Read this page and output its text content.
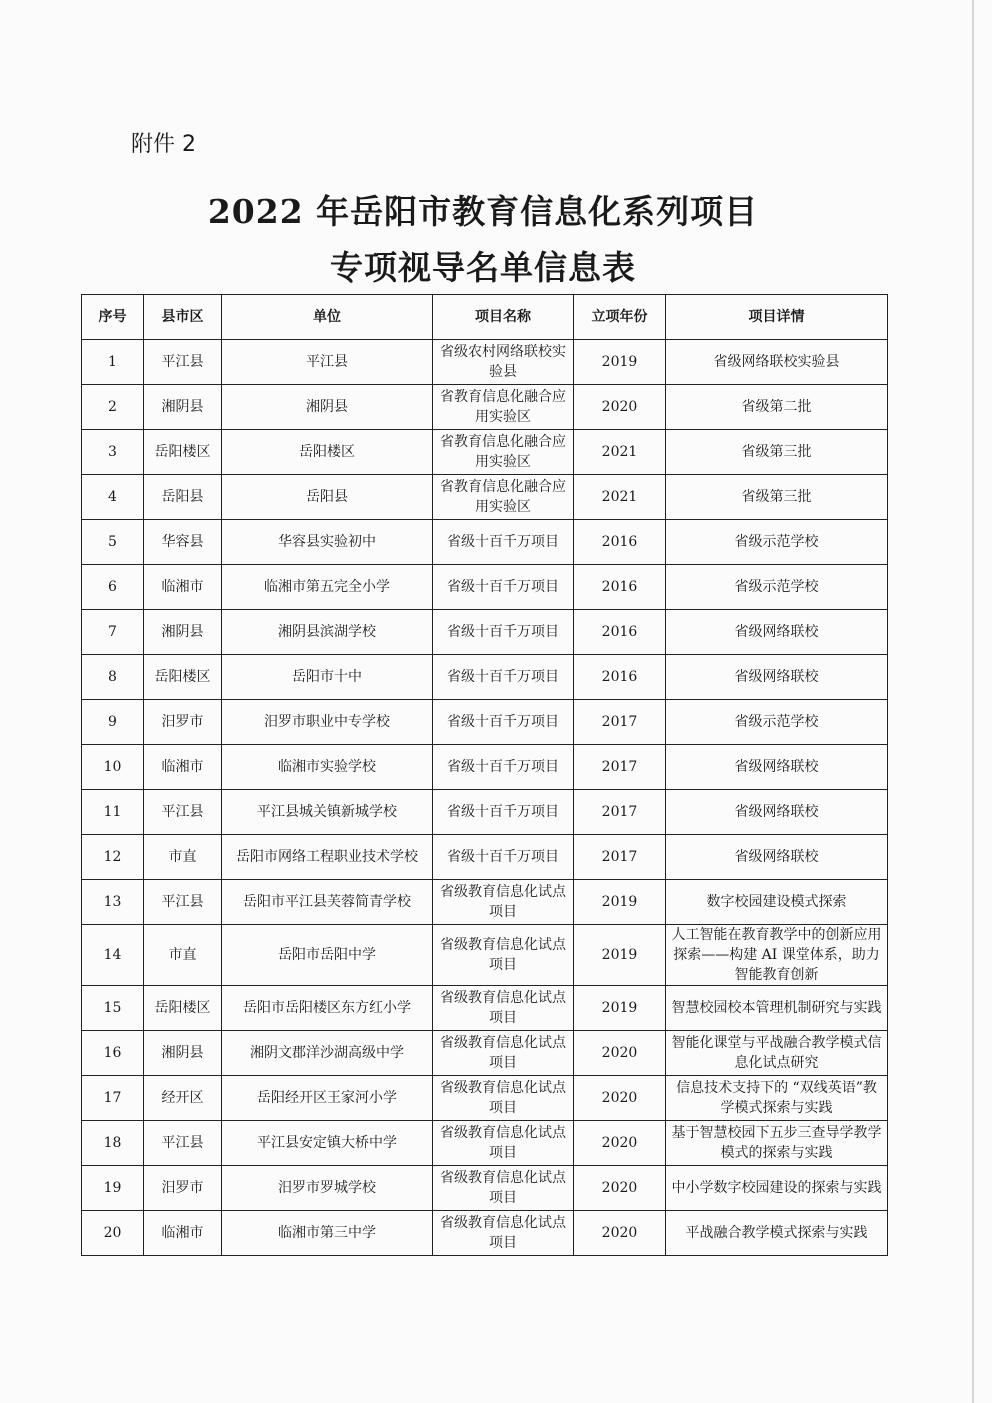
附件 2
2022 年岳阳市教育信息化系列项目
专项视导名单信息表
序号	县市区	单位	项目名称	立项年份	项目详情
1	平江县	平江县	省级农村网络联校实验县	2019	省级网络联校实验县
2	湘阴县	湘阴县	省教育信息化融合应用实验区	2020	省级第二批
3	岳阳楼区	岳阳楼区	省教育信息化融合应用实验区	2021	省级第三批
4	岳阳县	岳阳县	省教育信息化融合应用实验区	2021	省级第三批
5	华容县	华容县实验初中	省级十百千万项目	2016	省级示范学校
6	临湘市	临湘市第五完全小学	省级十百千万项目	2016	省级示范学校
7	湘阴县	湘阴县滨湖学校	省级十百千万项目	2016	省级网络联校
8	岳阳楼区	岳阳市十中	省级十百千万项目	2016	省级网络联校
9	汨罗市	汨罗市职业中专学校	省级十百千万项目	2017	省级示范学校
10	临湘市	临湘市实验学校	省级十百千万项目	2017	省级网络联校
11	平江县	平江县城关镇新城学校	省级十百千万项目	2017	省级网络联校
12	市直	岳阳市网络工程职业技术学校	省级十百千万项目	2017	省级网络联校
13	平江县	岳阳市平江县芙蓉简青学校	省级教育信息化试点项目	2019	数字校园建设模式探索
14	市直	岳阳市岳阳中学	省级教育信息化试点项目	2019	人工智能在教育教学中的创新应用探索——构建 AI 课堂体系，助力智能教育创新
15	岳阳楼区	岳阳市岳阳楼区东方红小学	省级教育信息化试点项目	2019	智慧校园校本管理机制研究与实践
16	湘阴县	湘阴文郡洋沙湖高级中学	省级教育信息化试点项目	2020	智能化课堂与平战融合教学模式信息化试点研究
17	经开区	岳阳经开区王家河小学	省级教育信息化试点项目	2020	信息技术支持下的 “双线英语”教学模式探索与实践
18	平江县	平江县安定镇大桥中学	省级教育信息化试点项目	2020	基于智慧校园下五步三查导学教学模式的探索与实践
19	汨罗市	汨罗市罗城学校	省级教育信息化试点项目	2020	中小学数字校园建设的探索与实践
20	临湘市	临湘市第三中学	省级教育信息化试点项目	2020	平战融合教学模式探索与实践
